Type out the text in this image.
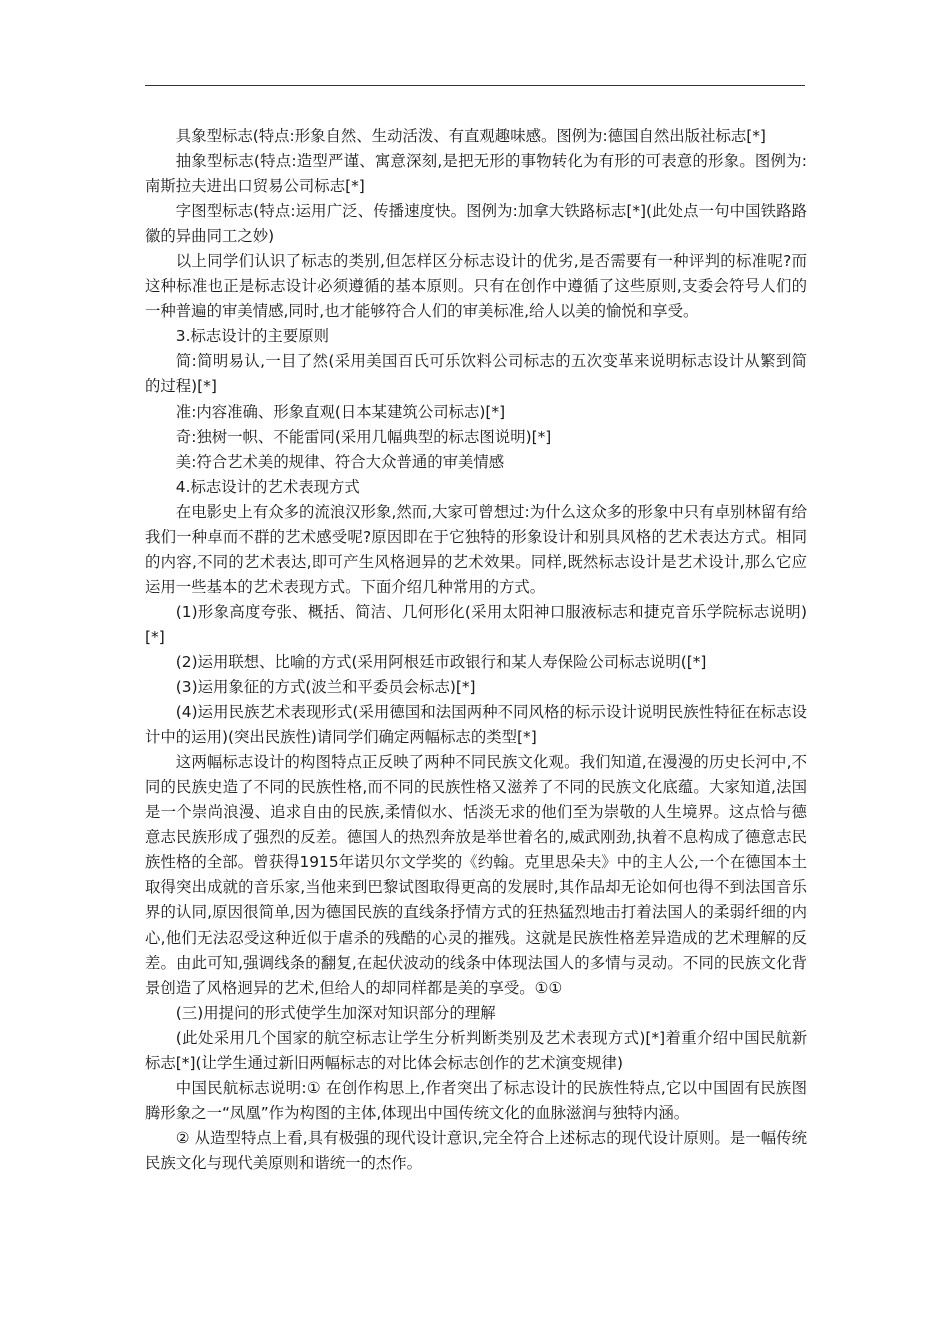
具象型标志(特点:形象自然、生动活泼、有直观趣味感。图例为:德国自然出版社标志[*]

抽象型标志(特点:造型严谨、寓意深刻,是把无形的事物转化为有形的可表意的形象。图例为:南斯拉夫进出口贸易公司标志[*]

字图型标志(特点:运用广泛、传播速度快。图例为:加拿大铁路标志[*](此处点一句中国铁路路徽的异曲同工之妙)

以上同学们认识了标志的类别,但怎样区分标志设计的优劣,是否需要有一种评判的标准呢?而这种标准也正是标志设计必须遵循的基本原则。只有在创作中遵循了这些原则,支委会符号人们的一种普遍的审美情感,同时,也才能够符合人们的审美标准,给人以美的愉悦和享受。

3.标志设计的主要原则

简:简明易认,一目了然(采用美国百氏可乐饮料公司标志的五次变革来说明标志设计从繁到简的过程)[*]

准:内容准确、形象直观(日本某建筑公司标志)[*]

奇:独树一帜、不能雷同(采用几幅典型的标志图说明)[*]

美:符合艺术美的规律、符合大众普通的审美情感

4.标志设计的艺术表现方式

在电影史上有众多的流浪汉形象,然而,大家可曾想过:为什么这众多的形象中只有卓别林留有给我们一种卓而不群的艺术感受呢?原因即在于它独特的形象设计和别具风格的艺术表达方式。相同的内容,不同的艺术表达,即可产生风格迥异的艺术效果。同样,既然标志设计是艺术设计,那么它应运用一些基本的艺术表现方式。下面介绍几种常用的方式。

(1)形象高度夸张、概括、简洁、几何形化(采用太阳神口服液标志和捷克音乐学院标志说明)[*]

(2)运用联想、比喻的方式(采用阿根廷市政银行和某人寿保险公司标志说明([*]

(3)运用象征的方式(波兰和平委员会标志)[*]

(4)运用民族艺术表现形式(采用德国和法国两种不同风格的标示设计说明民族性特征在标志设计中的运用)(突出民族性)请同学们确定两幅标志的类型[*]

这两幅标志设计的构图特点正反映了两种不同民族文化观。我们知道,在漫漫的历史长河中,不同的民族史造了不同的民族性格,而不同的民族性格又滋养了不同的民族文化底蕴。大家知道,法国是一个崇尚浪漫、追求自由的民族,柔情似水、恬淡无求的他们至为崇敬的人生境界。这点恰与德意志民族形成了强烈的反差。德国人的热烈奔放是举世着名的,威武刚劲,执着不息构成了德意志民族性格的全部。曾获得1915年诺贝尔文学奖的《约翰。克里思朵夫》中的主人公,一个在德国本土取得突出成就的音乐家,当他来到巴黎试图取得更高的发展时,其作品却无论如何也得不到法国音乐界的认同,原因很简单,因为德国民族的直线条抒情方式的狂热猛烈地击打着法国人的柔弱纤细的内心,他们无法忍受这种近似于虐杀的残酷的心灵的摧残。这就是民族性格差异造成的艺术理解的反差。由此可知,强调线条的翻复,在起伏波动的线条中体现法国人的多情与灵动。不同的民族文化背景创造了风格迥异的艺术,但给人的却同样都是美的享受。①①

(三)用提问的形式使学生加深对知识部分的理解

(此处采用几个国家的航空标志让学生分析判断类别及艺术表现方式)[*]着重介绍中国民航新标志[*](让学生通过新旧两幅标志的对比体会标志创作的艺术演变规律)

中国民航标志说明:① 在创作构思上,作者突出了标志设计的民族性特点,它以中国固有民族图腾形象之一“凤凰”作为构图的主体,体现出中国传统文化的血脉滋润与独特内涵。

② 从造型特点上看,具有极强的现代设计意识,完全符合上述标志的现代设计原则。是一幅传统民族文化与现代美原则和谐统一的杰作。
